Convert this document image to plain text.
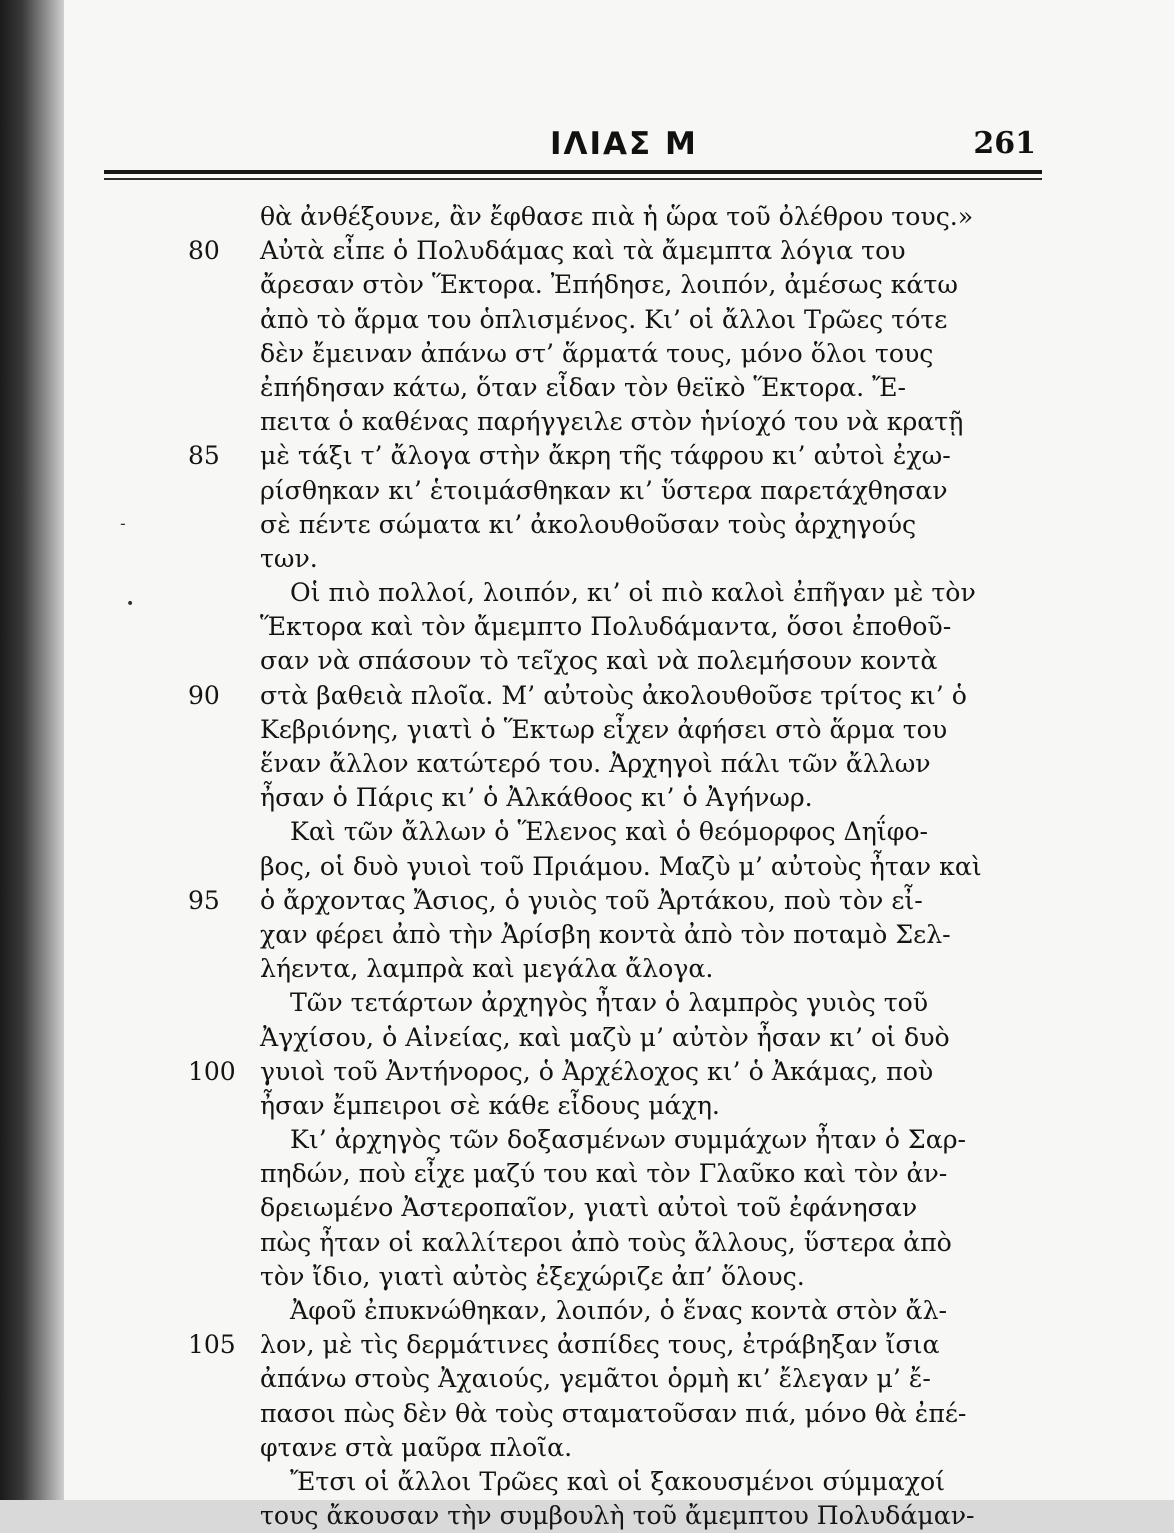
ΙΛΙΑΣ Μ	261
›
•
-
θὰ ἀνθέξουνε, ἂν ἔφθασε πιὰ ἡ ὥρα τοῦ ὀλέθρου τους.»
80 Αὐτὰ εἶπε ὁ Πολυδάμας καὶ τὰ ἄμεμπτα λόγια του
ἄρεσαν στὸν Ἕκτορα. Ἐπήδησε, λοιπόν, ἀμέσως κάτω
ἀπὸ τὸ ἅρμα του ὁπλισμένος. Κι’ οἱ ἄλλοι Τρῶες τότε
δὲν ἔμειναν ἀπάνω στ’ ἅρματά τους, μόνο ὅλοι τους
ἐπήδησαν κάτω, ὅταν εἶδαν τὸν θεϊκὸ Ἕκτορα. Ἔ-
πειτα ὁ καθένας παρήγγειλε στὸν ἡνίοχό του νὰ κρατῇ
85 μὲ τάξι τ’ ἄλογα στὴν ἄκρη τῆς τάφρου κι’ αὐτοὶ ἐχω-
ρίσθηκαν κι’ ἑτοιμάσθηκαν κι’ ὕστερα παρετάχθησαν
σὲ πέντε σώματα κι’ ἀκολουθοῦσαν τοὺς ἀρχηγούς
των.
Οἱ πιὸ πολλοί, λοιπόν, κι’ οἱ πιὸ καλοὶ ἐπῆγαν μὲ τὸν
Ἕκτορα καὶ τὸν ἄμεμπτο Πολυδάμαντα, ὅσοι ἐποθοῦ-
σαν νὰ σπάσουν τὸ τεῖχος καὶ νὰ πολεμήσουν κοντὰ
90 στὰ βαθειὰ πλοῖα. Μ’ αὐτοὺς ἀκολουθοῦσε τρίτος κι’ ὁ
Κεβριόνης, γιατὶ ὁ Ἕκτωρ εἶχεν ἀφήσει στὸ ἅρμα του
ἕναν ἄλλον κατώτερό του. Ἀρχηγοὶ πάλι τῶν ἄλλων
ἦσαν ὁ Πάρις κι’ ὁ Ἀλκάθοος κι’ ὁ Ἀγήνωρ.
Καὶ τῶν ἄλλων ὁ Ἕλενος καὶ ὁ θεόμορφος Δηΐφο-
βος, οἱ δυὸ γυιοὶ τοῦ Πριάμου. Μαζὺ μ’ αὐτοὺς ἦταν καὶ
95 ὁ ἄρχοντας Ἄσιος, ὁ γυιὸς τοῦ Ἀρτάκου, ποὺ τὸν εἶ-
χαν φέρει ἀπὸ τὴν Ἀρίσβη κοντὰ ἀπὸ τὸν ποταμὸ Σελ-
λήεντα, λαμπρὰ καὶ μεγάλα ἄλογα.
Τῶν τετάρτων ἀρχηγὸς ἦταν ὁ λαμπρὸς γυιὸς τοῦ
Ἀγχίσου, ὁ Αἰνείας, καὶ μαζὺ μ’ αὐτὸν ἦσαν κι’ οἱ δυὸ
100 γυιοὶ τοῦ Ἀντήνορος, ὁ Ἀρχέλοχος κι’ ὁ Ἀκάμας, ποὺ
ἦσαν ἔμπειροι σὲ κάθε εἶδους μάχη.
Κι’ ἀρχηγὸς τῶν δοξασμένων συμμάχων ἦταν ὁ Σαρ-
πηδών, ποὺ εἶχε μαζύ του καὶ τὸν Γλαῦκο καὶ τὸν ἀν-
δρειωμένο Ἀστεροπαῖον, γιατὶ αὐτοὶ τοῦ ἐφάνησαν
πὼς ἦταν οἱ καλλίτεροι ἀπὸ τοὺς ἄλλους, ὕστερα ἀπὸ
τὸν ἴδιο, γιατὶ αὐτὸς ἐξεχώριζε ἀπ’ ὅλους.
Ἀφοῦ ἐπυκνώθηκαν, λοιπόν, ὁ ἕνας κοντὰ στὸν ἄλ-
105 λον, μὲ τὶς δερμάτινες ἀσπίδες τους, ἐτράβηξαν ἴσια
ἀπάνω στοὺς Ἀχαιούς, γεμᾶτοι ὁρμὴ κι’ ἔλεγαν μ’ ἔ-
πασοι πὼς δὲν θὰ τοὺς σταματοῦσαν πιά, μόνο θὰ ἐπέ-
φτανε στὰ μαῦρα πλοῖα.
Ἔτσι οἱ ἄλλοι Τρῶες καὶ οἱ ξακουσμένοι σύμμαχοί
τους ἄκουσαν τὴν συμβουλὴ τοῦ ἄμεμπτου Πολυδάμαν-
